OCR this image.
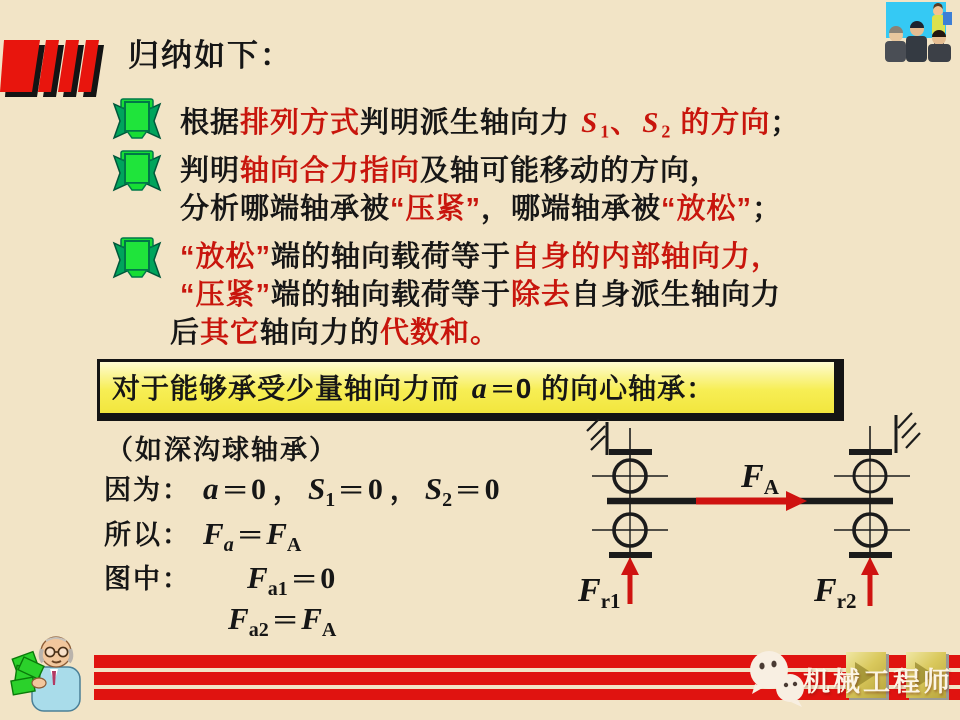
归纳如下：
根据排列方式判明派生轴向力 S 1、S 2 的方向；
判明轴向合力指向及轴可能移动的方向，
分析哪端轴承被“压紧”，哪端轴承被“放松”；
“放松”端的轴向载荷等于自身的内部轴向力，
“压紧”端的轴向载荷等于除去自身派生轴向力
后其它轴向力的代数和。
对于能够承受少量轴向力而 a =0 的向心轴承：
（如深沟球轴承）
因为： a = 0 ， S1 = 0 ， S2 = 0
所以： Fa = FA
图中： Fa1 = 0
Fa2 = FA
$F_A$
$F_{r1}$	$F_{r2}$
机械工程师
